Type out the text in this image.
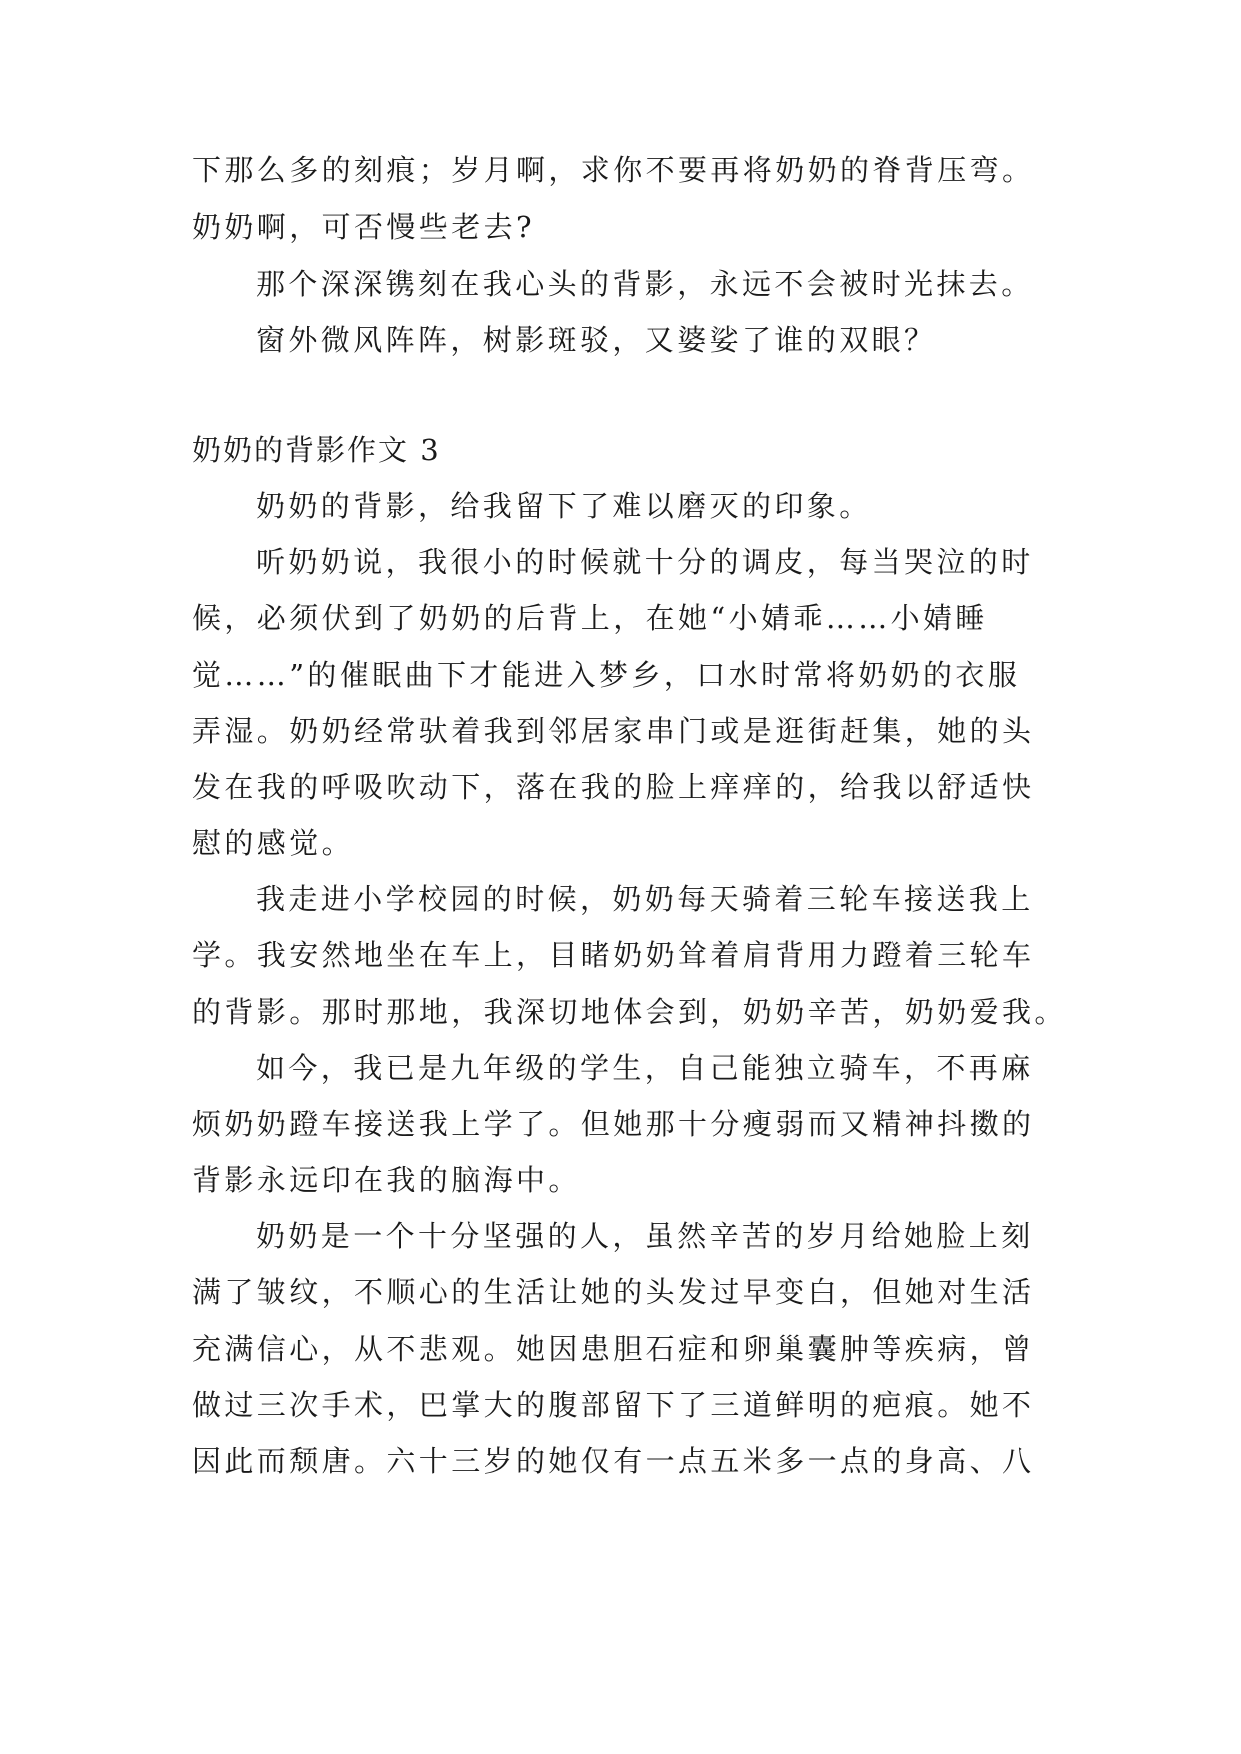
下那么多的刻痕；岁月啊，求你不要再将奶奶的脊背压弯。
奶奶啊，可否慢些老去?
那个深深镌刻在我心头的背影，永远不会被时光抹去。
窗外微风阵阵，树影斑驳，又婆娑了谁的双眼？
奶奶的背影作文 3
奶奶的背影，给我留下了难以磨灭的印象。
听奶奶说，我很小的时候就十分的调皮，每当哭泣的时
候，必须伏到了奶奶的后背上，在她“小婧乖……小婧睡
觉……”的催眠曲下才能进入梦乡，口水时常将奶奶的衣服
弄湿。奶奶经常驮着我到邻居家串门或是逛街赶集，她的头
发在我的呼吸吹动下，落在我的脸上痒痒的，给我以舒适快
慰的感觉。
我走进小学校园的时候，奶奶每天骑着三轮车接送我上
学。我安然地坐在车上，目睹奶奶耸着肩背用力蹬着三轮车
的背影。那时那地，我深切地体会到，奶奶辛苦，奶奶爱我。
如今，我已是九年级的学生，自己能独立骑车，不再麻
烦奶奶蹬车接送我上学了。但她那十分瘦弱而又精神抖擞的
背影永远印在我的脑海中。
奶奶是一个十分坚强的人，虽然辛苦的岁月给她脸上刻
满了皱纹，不顺心的生活让她的头发过早变白，但她对生活
充满信心，从不悲观。她因患胆石症和卵巢囊肿等疾病，曾
做过三次手术，巴掌大的腹部留下了三道鲜明的疤痕。她不
因此而颓唐。六十三岁的她仅有一点五米多一点的身高、八
